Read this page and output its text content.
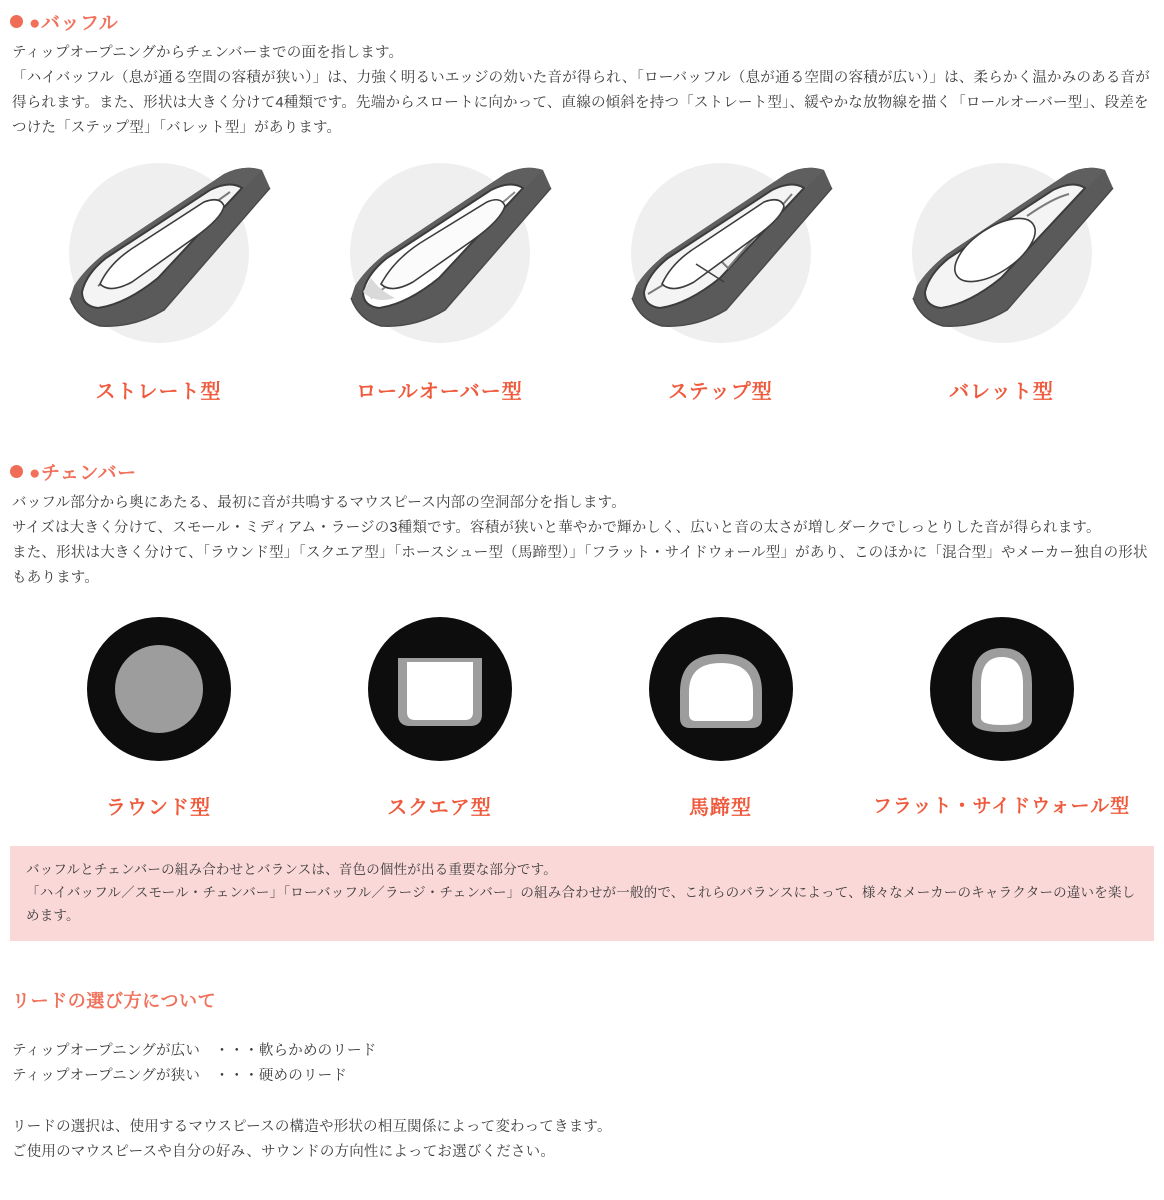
●バッフル

ティップオープニングからチェンバーまでの面を指します。

「ハイバッフル（息が通る空間の容積が狭い）」は、力強く明るいエッジの効いた音が得られ、「ローバッフル（息が通る空間の容積が広い）」は、柔らかく温かみのある音が得られます。また、形状は大きく分けて4種類です。先端からスロートに向かって、直線の傾斜を持つ「ストレート型」、緩やかな放物線を描く「ロールオーバー型」、段差をつけた「ステップ型」「バレット型」があります。

ストレート型	ロールオーバー型	ステップ型	バレット型
●チェンバー

バッフル部分から奥にあたる、最初に音が共鳴するマウスピース内部の空洞部分を指します。

サイズは大きく分けて、スモール・ミディアム・ラージの3種類です。容積が狭いと華やかで輝かしく、広いと音の太さが増しダークでしっとりした音が得られます。

また、形状は大きく分けて、「ラウンド型」「スクエア型」「ホースシュー型（馬蹄型）」「フラット・サイドウォール型」があり、このほかに「混合型」やメーカー独自の形状もあります。

ラウンド型	スクエア型	馬蹄型	フラット・サイドウォール型
バッフルとチェンバーの組み合わせとバランスは、音色の個性が出る重要な部分です。
「ハイバッフル／スモール・チェンバー」「ローバッフル／ラージ・チェンバー」の組み合わせが一般的で、これらのバランスによって、様々なメーカーのキャラクターの違いを楽しめます。
リードの選び方について

ティップオープニングが広い　・・・軟らかめのリード

ティップオープニングが狭い　・・・硬めのリード

リードの選択は、使用するマウスピースの構造や形状の相互関係によって変わってきます。

ご使用のマウスピースや自分の好み、サウンドの方向性によってお選びください。
